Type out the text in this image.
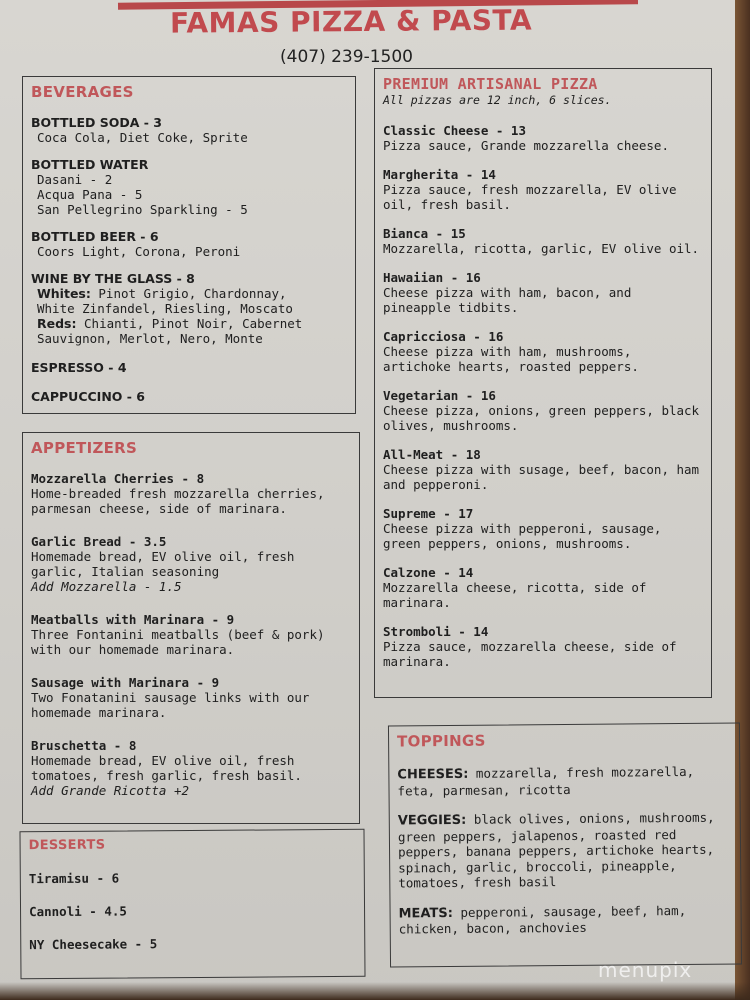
FAMAS PIZZA & PASTA
(407) 239-1500
BEVERAGES
BOTTLED SODA - 3
Coca Cola, Diet Coke, Sprite
BOTTLED WATER
Dasani - 2
Acqua Pana - 5
San Pellegrino Sparkling - 5
BOTTLED BEER - 6
Coors Light, Corona, Peroni
WINE BY THE GLASS - 8
Whites: Pinot Grigio, Chardonnay,
White Zinfandel, Riesling, Moscato
Reds: Chianti, Pinot Noir, Cabernet
Sauvignon, Merlot, Nero, Monte
ESPRESSO - 4
CAPPUCCINO - 6
APPETIZERS
Mozzarella Cherries - 8
Home-breaded fresh mozzarella cherries,
parmesan cheese, side of marinara.
Garlic Bread - 3.5
Homemade bread, EV olive oil, fresh
garlic, Italian seasoning
Add Mozzarella - 1.5
Meatballs with Marinara - 9
Three Fontanini meatballs (beef & pork)
with our homemade marinara.
Sausage with Marinara - 9
Two Fonatanini sausage links with our
homemade marinara.
Bruschetta - 8
Homemade bread, EV olive oil, fresh
tomatoes, fresh garlic, fresh basil.
Add Grande Ricotta +2
DESSERTS
Tiramisu - 6
Cannoli - 4.5
NY Cheesecake - 5
PREMIUM ARTISANAL PIZZA
All pizzas are 12 inch, 6 slices.
Classic Cheese - 13
Pizza sauce, Grande mozzarella cheese.
Margherita - 14
Pizza sauce, fresh mozzarella, EV olive
oil, fresh basil.
Bianca - 15
Mozzarella, ricotta, garlic, EV olive oil.
Hawaiian - 16
Cheese pizza with ham, bacon, and
pineapple tidbits.
Capricciosa - 16
Cheese pizza with ham, mushrooms,
artichoke hearts, roasted peppers.
Vegetarian - 16
Cheese pizza, onions, green peppers, black
olives, mushrooms.
All-Meat - 18
Cheese pizza with susage, beef, bacon, ham
and pepperoni.
Supreme - 17
Cheese pizza with pepperoni, sausage,
green peppers, onions, mushrooms.
Calzone - 14
Mozzarella cheese, ricotta, side of
marinara.
Stromboli - 14
Pizza sauce, mozzarella cheese, side of
marinara.
TOPPINGS
CHEESES: mozzarella, fresh mozzarella,
feta, parmesan, ricotta
VEGGIES: black olives, onions, mushrooms,
green peppers, jalapenos, roasted red
peppers, banana peppers, artichoke hearts,
spinach, garlic, broccoli, pineapple,
tomatoes, fresh basil
MEATS: pepperoni, sausage, beef, ham,
chicken, bacon, anchovies
menupix
